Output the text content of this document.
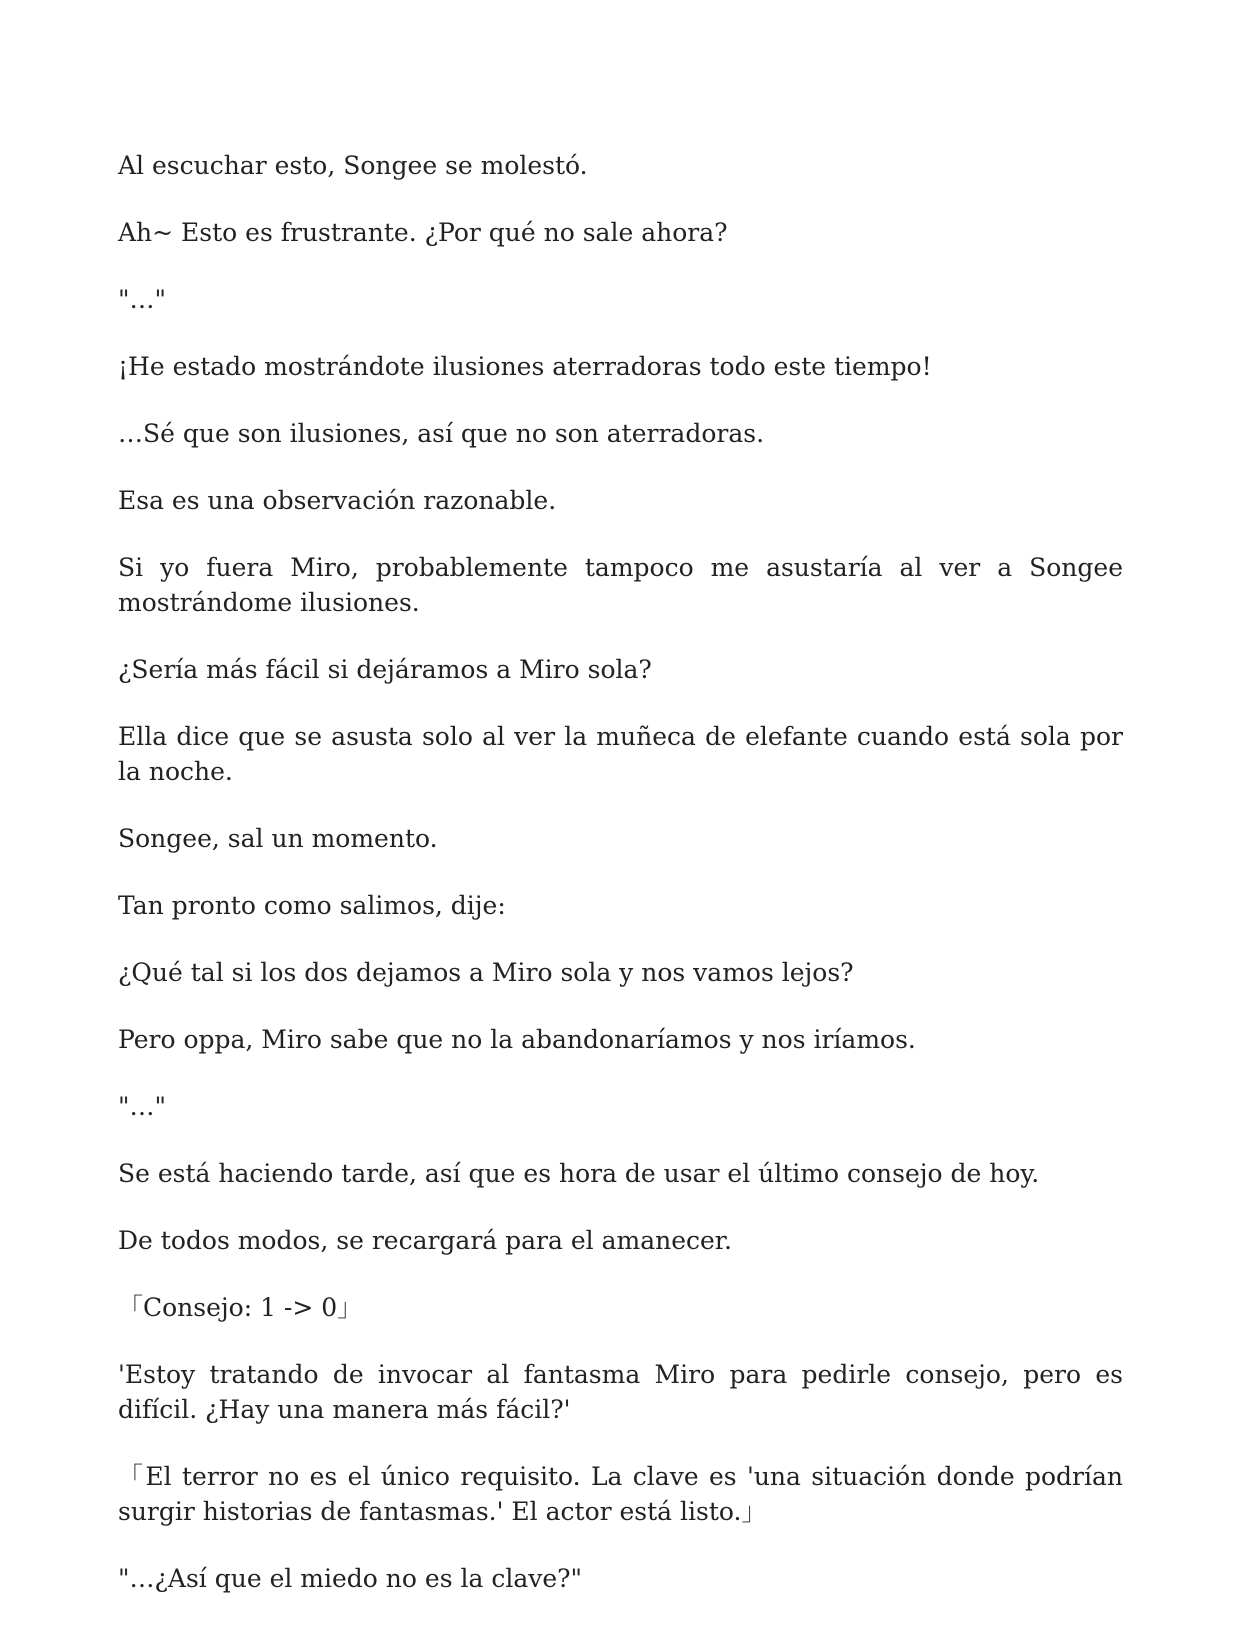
Al escuchar esto, Songee se molestó.

Ah~ Esto es frustrante. ¿Por qué no sale ahora?

"…"

¡He estado mostrándote ilusiones aterradoras todo este tiempo!

…Sé que son ilusiones, así que no son aterradoras.

Esa es una observación razonable.

Si yo fuera Miro, probablemente tampoco me asustaría al ver a Songee mostrándome ilusiones.

¿Sería más fácil si dejáramos a Miro sola?

Ella dice que se asusta solo al ver la muñeca de elefante cuando está sola por la noche.

Songee, sal un momento.

Tan pronto como salimos, dije:

¿Qué tal si los dos dejamos a Miro sola y nos vamos lejos?

Pero oppa, Miro sabe que no la abandonaríamos y nos iríamos.

"…"

Se está haciendo tarde, así que es hora de usar el último consejo de hoy.

De todos modos, se recargará para el amanecer.

「Consejo: 1 -> 0」

'Estoy tratando de invocar al fantasma Miro para pedirle consejo, pero es difícil. ¿Hay una manera más fácil?'

「El terror no es el único requisito. La clave es 'una situación donde podrían surgir historias de fantasmas.' El actor está listo.」

"…¿Así que el miedo no es la clave?"
